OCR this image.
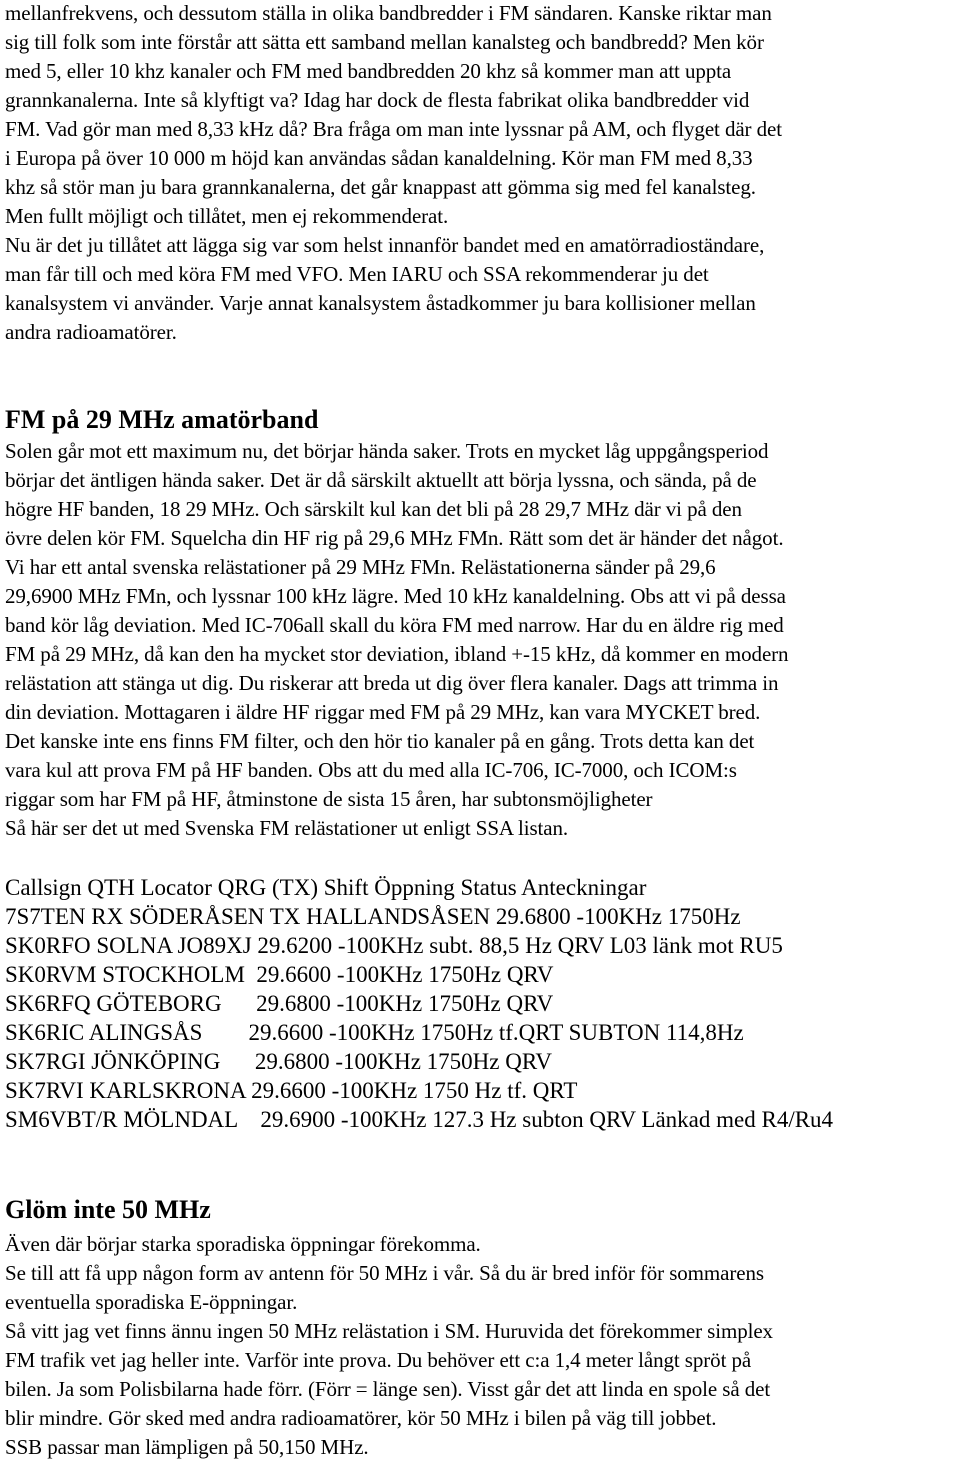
mellanfrekvens, och dessutom ställa in olika bandbredder i FM sändaren. Kanske riktar man
sig till folk som inte förstår att sätta ett samband mellan kanalsteg och bandbredd? Men kör
med 5, eller 10 khz kanaler och FM med bandbredden 20 khz så kommer man att uppta
grannkanalerna. Inte så klyftigt va? Idag har dock de flesta fabrikat olika bandbredder vid
FM. Vad gör man med 8,33 kHz då? Bra fråga om man inte lyssnar på AM, och flyget där det
i Europa på över 10 000 m höjd kan användas sådan kanaldelning. Kör man FM med 8,33
khz så stör man ju bara grannkanalerna, det går knappast att gömma sig med fel kanalsteg.
Men fullt möjligt och tillåtet, men ej rekommenderat.
Nu är det ju tillåtet att lägga sig var som helst innanför bandet med en amatörradioständare,
man får till och med köra FM med VFO. Men IARU och SSA rekommenderar ju det
kanalsystem vi använder. Varje annat kanalsystem åstadkommer ju bara kollisioner mellan
andra radioamatörer.
FM på 29 MHz amatörband
Solen går mot ett maximum nu, det börjar hända saker. Trots en mycket låg uppgångsperiod
börjar det äntligen hända saker. Det är då särskilt aktuellt att börja lyssna, och sända, på de
högre HF banden, 18 29 MHz. Och särskilt kul kan det bli på 28 29,7 MHz där vi på den
övre delen kör FM. Squelcha din HF rig på 29,6 MHz FMn. Rätt som det är händer det något.
Vi har ett antal svenska relästationer på 29 MHz FMn. Relästationerna sänder på 29,6
29,6900 MHz FMn, och lyssnar 100 kHz lägre. Med 10 kHz kanaldelning. Obs att vi på dessa
band kör låg deviation. Med IC-706all skall du köra FM med narrow. Har du en äldre rig med
FM på 29 MHz, då kan den ha mycket stor deviation, ibland +-15 kHz, då kommer en modern
relästation att stänga ut dig. Du riskerar att breda ut dig över flera kanaler. Dags att trimma in
din deviation. Mottagaren i äldre HF riggar med FM på 29 MHz, kan vara MYCKET bred.
Det kanske inte ens finns FM filter, och den hör tio kanaler på en gång. Trots detta kan det
vara kul att prova FM på HF banden. Obs att du med alla IC-706, IC-7000, och ICOM:s
riggar som har FM på HF, åtminstone de sista 15 åren, har subtonsmöjligheter
Så här ser det ut med Svenska FM relästationer ut enligt SSA listan.
Callsign QTH Locator QRG (TX) Shift Öppning Status Anteckningar
7S7TEN RX SÖDERÅSEN TX HALLANDSÅSEN 29.6800 -100KHz 1750Hz
SK0RFO SOLNA JO89XJ 29.6200 -100KHz subt. 88,5 Hz QRV L03 länk mot RU5
SK0RVM STOCKHOLM  29.6600 -100KHz 1750Hz QRV
SK6RFQ GÖTEBORG      29.6800 -100KHz 1750Hz QRV
SK6RIC ALINGSÅS        29.6600 -100KHz 1750Hz tf.QRT SUBTON 114,8Hz
SK7RGI JÖNKÖPING      29.6800 -100KHz 1750Hz QRV
SK7RVI KARLSKRONA 29.6600 -100KHz 1750 Hz tf. QRT
SM6VBT/R MÖLNDAL    29.6900 -100KHz 127.3 Hz subton QRV Länkad med R4/Ru4
Glöm inte 50 MHz
Även där börjar starka sporadiska öppningar förekomma.
Se till att få upp någon form av antenn för 50 MHz i vår. Så du är bred inför för sommarens
eventuella sporadiska E-öppningar.
Så vitt jag vet finns ännu ingen 50 MHz relästation i SM. Huruvida det förekommer simplex
FM trafik vet jag heller inte. Varför inte prova. Du behöver ett c:a 1,4 meter långt spröt på
bilen. Ja som Polisbilarna hade förr. (Förr = länge sen). Visst går det att linda en spole så det
blir mindre. Gör sked med andra radioamatörer, kör 50 MHz i bilen på väg till jobbet.
SSB passar man lämpligen på 50,150 MHz.
